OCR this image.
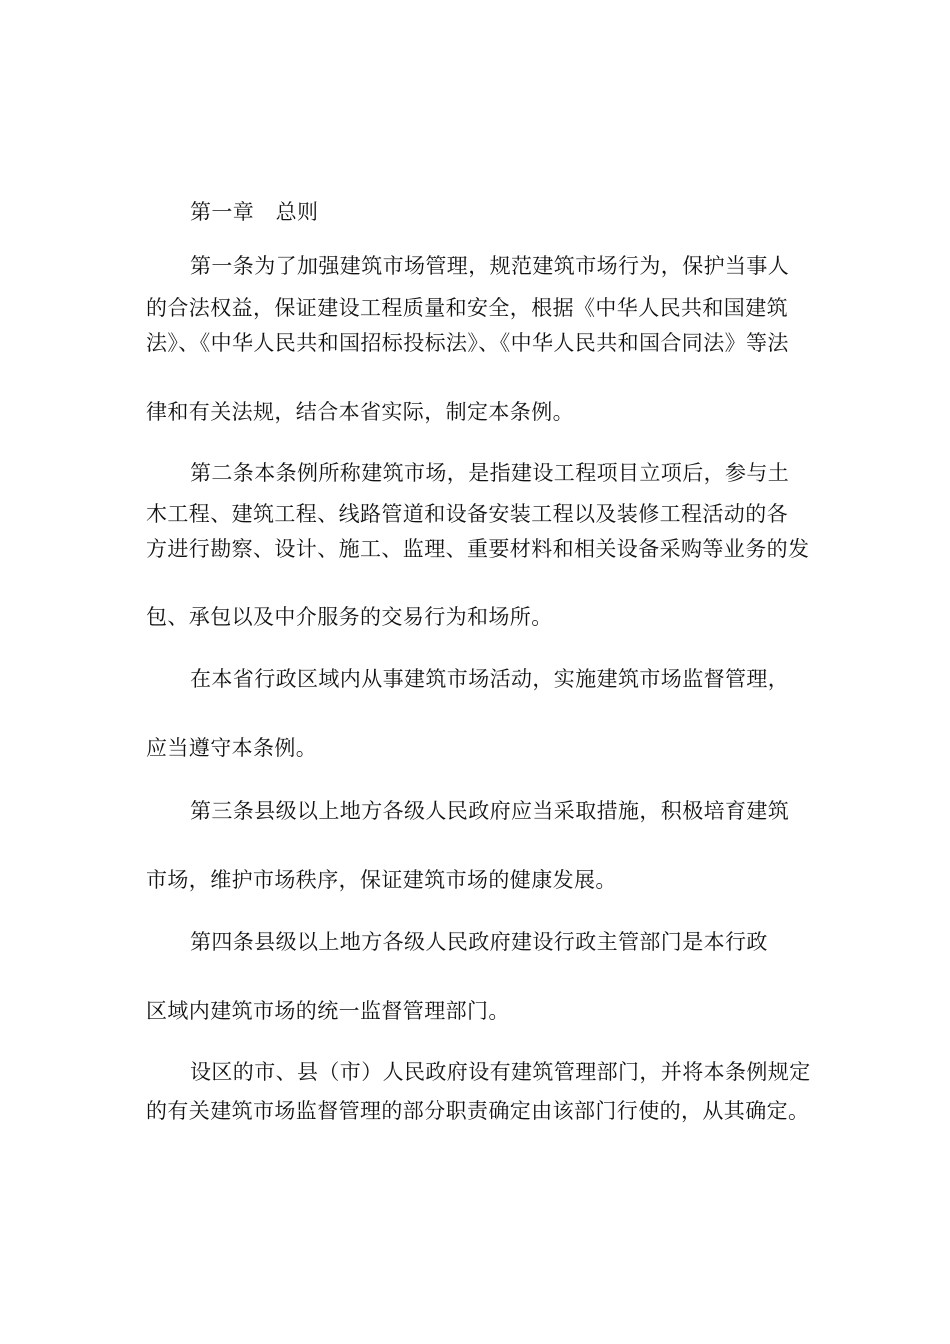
第一章　总则
第一条为了加强建筑市场管理，规范建筑市场行为，保护当事人
的合法权益，保证建设工程质量和安全，根据《中华人民共和国建筑
法》、《中华人民共和国招标投标法》、《中华人民共和国合同法》等法
律和有关法规，结合本省实际，制定本条例。
第二条本条例所称建筑市场，是指建设工程项目立项后，参与土
木工程、建筑工程、线路管道和设备安装工程以及装修工程活动的各
方进行勘察、设计、施工、监理、重要材料和相关设备采购等业务的发
包、承包以及中介服务的交易行为和场所。
在本省行政区域内从事建筑市场活动，实施建筑市场监督管理，
应当遵守本条例。
第三条县级以上地方各级人民政府应当采取措施，积极培育建筑
市场，维护市场秩序，保证建筑市场的健康发展。
第四条县级以上地方各级人民政府建设行政主管部门是本行政
区域内建筑市场的统一监督管理部门。
设区的市、县（市）人民政府设有建筑管理部门，并将本条例规定
的有关建筑市场监督管理的部分职责确定由该部门行使的，从其确定。
